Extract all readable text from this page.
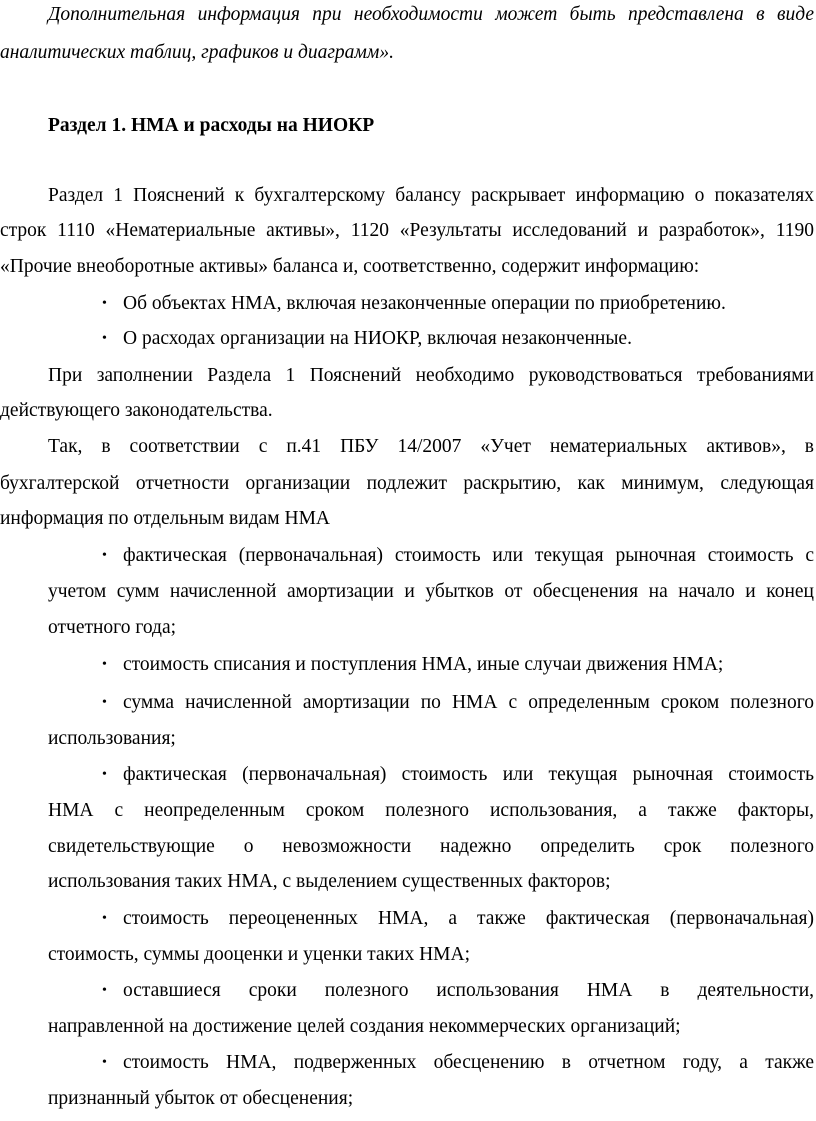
Дополнительная информация при необходимости может быть представлена в виде
аналитических таблиц, графиков и диаграмм».
Раздел 1. НМА и расходы на НИОКР
Раздел 1 Пояснений к бухгалтерскому балансу раскрывает информацию о показателях
строк 1110 «Нематериальные активы», 1120 «Результаты исследований и разработок», 1190
«Прочие внеоборотные активы» баланса и, соответственно, содержит информацию:
• Об объектах НМА, включая незаконченные операции по приобретению.
• О расходах организации на НИОКР, включая незаконченные.
При заполнении Раздела 1 Пояснений необходимо руководствоваться требованиями
действующего законодательства.
Так, в соответствии с п.41 ПБУ 14/2007 «Учет нематериальных активов», в
бухгалтерской отчетности организации подлежит раскрытию, как минимум, следующая
информация по отдельным видам НМА
• фактическая (первоначальная) стоимость или текущая рыночная стоимость с
учетом сумм начисленной амортизации и убытков от обесценения на начало и конец
отчетного года;
• стоимость списания и поступления НМА, иные случаи движения НМА;
• сумма начисленной амортизации по НМА с определенным сроком полезного
использования;
• фактическая (первоначальная) стоимость или текущая рыночная стоимость
НМА с неопределенным сроком полезного использования, а также факторы,
свидетельствующие о невозможности надежно определить срок полезного
использования таких НМА, с выделением существенных факторов;
• стоимость переоцененных НМА, а также фактическая (первоначальная)
стоимость, суммы дооценки и уценки таких НМА;
• оставшиеся сроки полезного использования НМА в деятельности,
направленной на достижение целей создания некоммерческих организаций;
• стоимость НМА, подверженных обесценению в отчетном году, а также
признанный убыток от обесценения;
